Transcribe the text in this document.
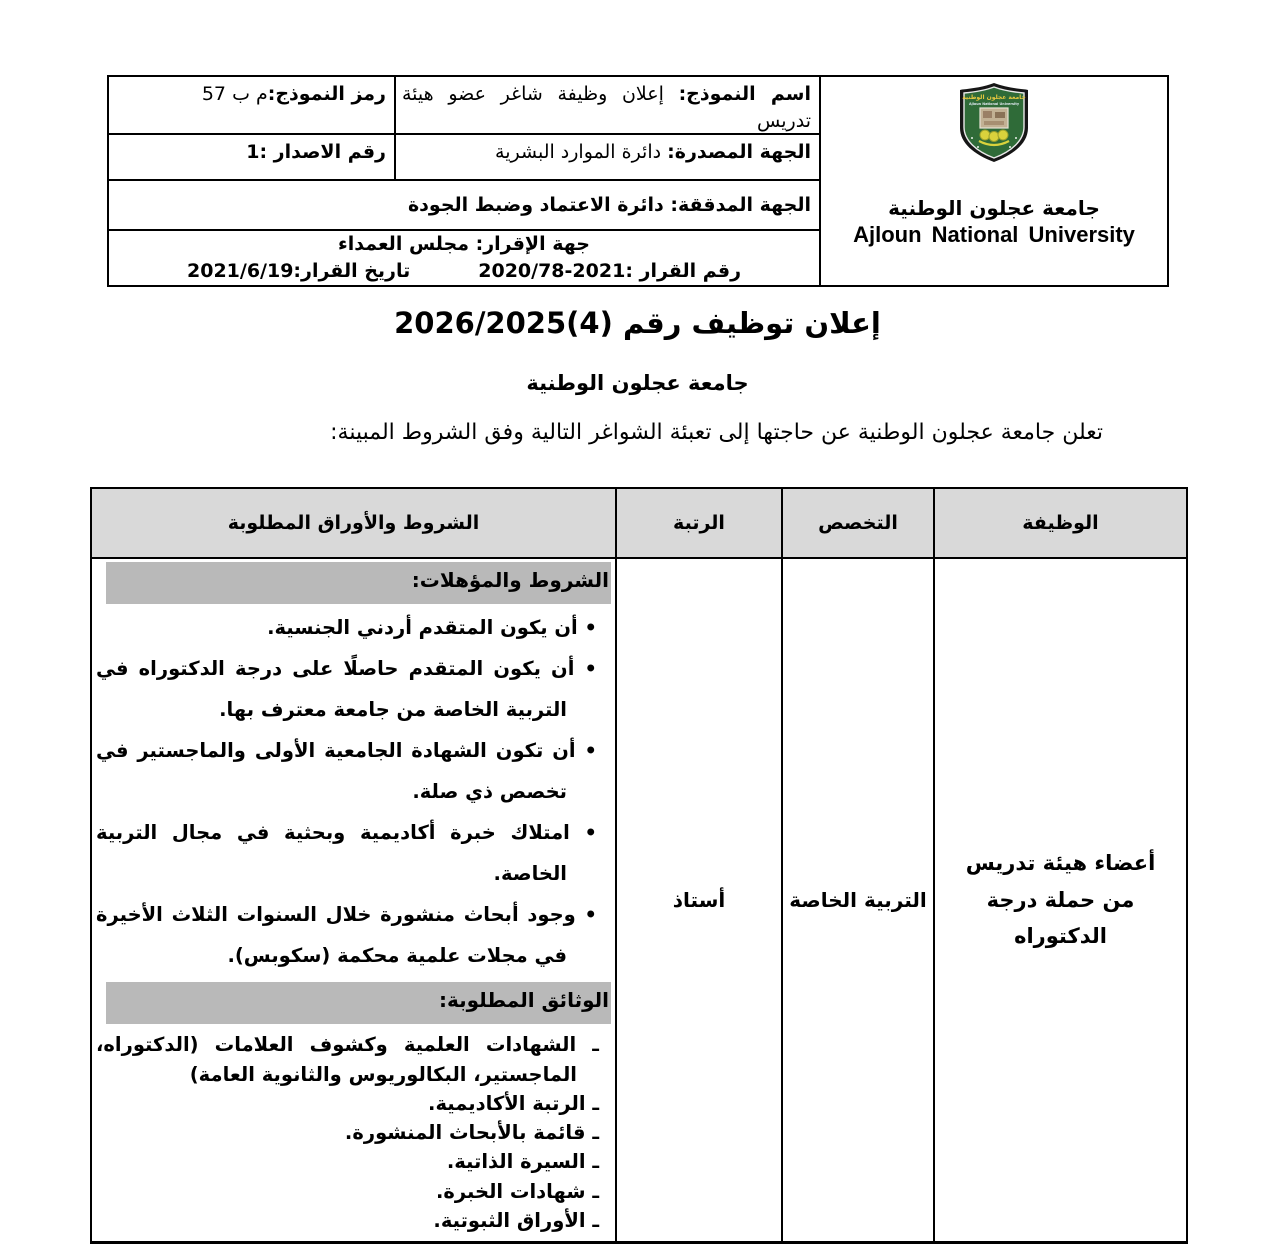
جامعة عجلون الوطنية
Ajloun National University
جامعة عجلون الوطنية
Ajloun National University
اسم النموذج: إعلان وظيفة شاغر عضو هيئة تدريس
رمز النموذج:م ب 57
الجهة المصدرة: دائرة الموارد البشرية
رقم الاصدار :1
الجهة المدققة: دائرة الاعتماد وضبط الجودة
جهة الإقرار: مجلس العمداء
رقم القرار :2021-2020/78
تاريخ القرار:2021/6/19
إعلان توظيف رقم (4)2026/2025
جامعة عجلون الوطنية
تعلن جامعة عجلون الوطنية عن حاجتها إلى تعبئة الشواغر التالية وفق الشروط المبينة:
الوظيفة	التخصص	الرتبة	الشروط والأوراق المطلوبة
أعضاء هيئة تدريس من حملة درجة الدكتوراه	التربية الخاصة	أستاذ	
الشروط والمؤهلات:
• أن يكون المتقدم أردني الجنسية.
• أن يكون المتقدم حاصلًا على درجة الدكتوراه في التربية الخاصة من جامعة معترف بها.
• أن تكون الشهادة الجامعية الأولى والماجستير في تخصص ذي صلة.
• امتلاك خبرة أكاديمية وبحثية في مجال التربية الخاصة.
• وجود أبحاث منشورة خلال السنوات الثلاث الأخيرة في مجلات علمية محكمة (سكوبس).
الوثائق المطلوبة:
ـ الشهادات العلمية وكشوف العلامات (الدكتوراه، الماجستير، البكالوريوس والثانوية العامة)
ـ الرتبة الأكاديمية.
ـ قائمة بالأبحاث المنشورة.
ـ السيرة الذاتية.
ـ شهادات الخبرة.
ـ الأوراق الثبوتية.
